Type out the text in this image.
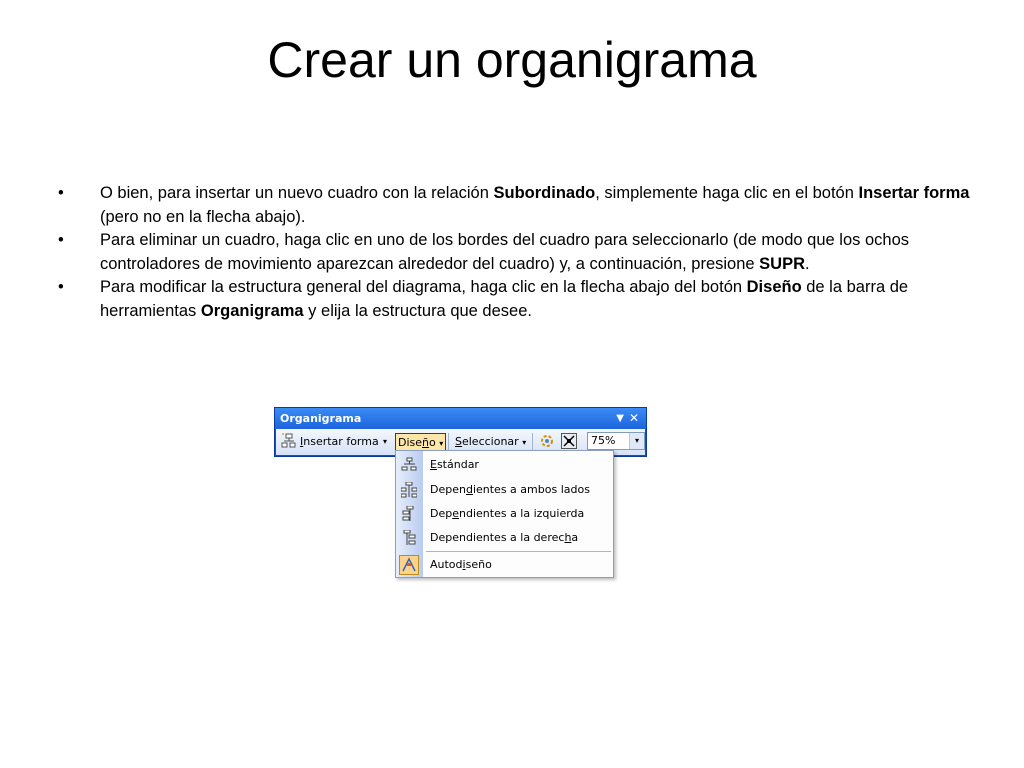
Crear un organigrama
•	O bien, para insertar un nuevo cuadro con la relación Subordinado, simplemente haga clic en el botón Insertar forma (pero no en la flecha abajo).
•	Para eliminar un cuadro, haga clic en uno de los bordes del cuadro para seleccionarlo (de modo que los ochos controladores de movimiento aparezcan alrededor del cuadro) y, a continuación, presione SUPR.
•	Para modificar la estructura general del diagrama, haga clic en la flecha abajo del botón Diseño de la barra de herramientas Organigrama y elija la estructura que desee.
Organigrama	▼ ✕
Insertar forma ▾ Diseño ▾ Seleccionar ▾	75%	▾
Estándar
Dependientes a ambos lados
Dependientes a la izquierda
Dependientes a la derecha
Autodiseño
